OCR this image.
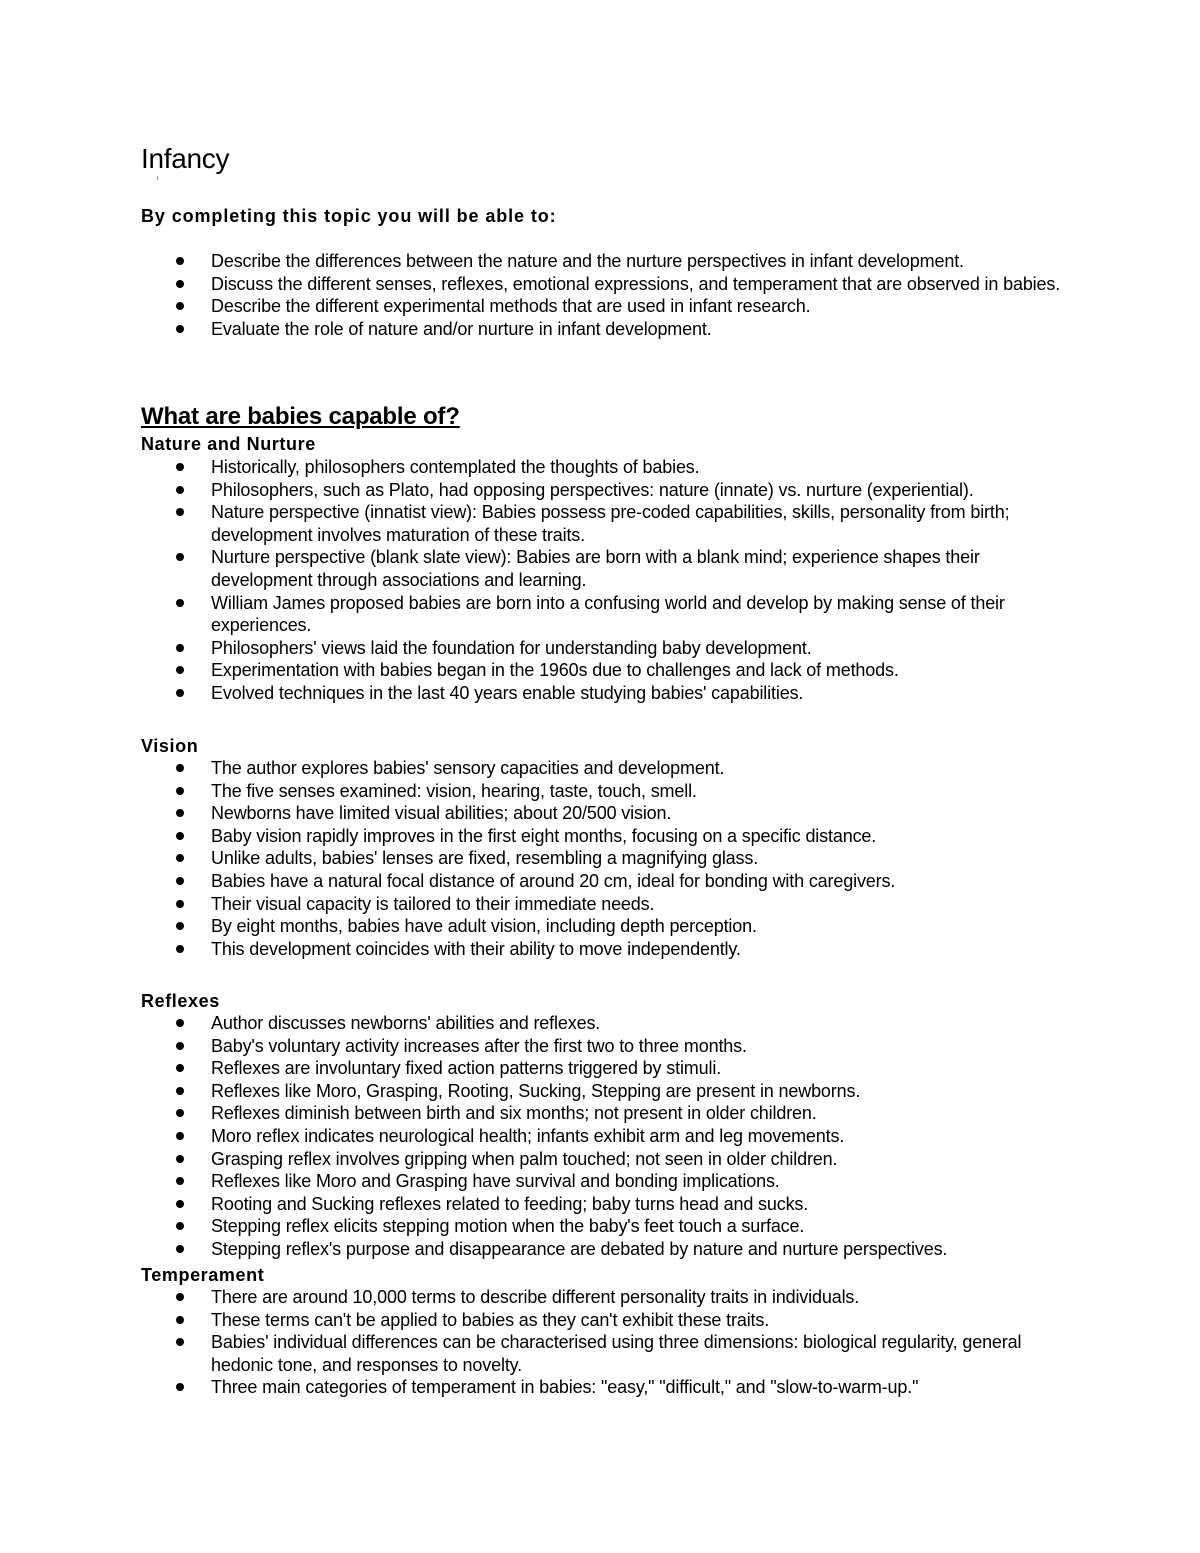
Infancy
By completing this topic you will be able to:
Describe the differences between the nature and the nurture perspectives in infant development.
Discuss the different senses, reflexes, emotional expressions, and temperament that are observed in babies.
Describe the different experimental methods that are used in infant research.
Evaluate the role of nature and/or nurture in infant development.
What are babies capable of?
Nature and Nurture
Historically, philosophers contemplated the thoughts of babies.
Philosophers, such as Plato, had opposing perspectives: nature (innate) vs. nurture (experiential).
Nature perspective (innatist view): Babies possess pre-coded capabilities, skills, personality from birth; development involves maturation of these traits.
Nurture perspective (blank slate view): Babies are born with a blank mind; experience shapes their development through associations and learning.
William James proposed babies are born into a confusing world and develop by making sense of their experiences.
Philosophers' views laid the foundation for understanding baby development.
Experimentation with babies began in the 1960s due to challenges and lack of methods.
Evolved techniques in the last 40 years enable studying babies' capabilities.
Vision
The author explores babies' sensory capacities and development.
The five senses examined: vision, hearing, taste, touch, smell.
Newborns have limited visual abilities; about 20/500 vision.
Baby vision rapidly improves in the first eight months, focusing on a specific distance.
Unlike adults, babies' lenses are fixed, resembling a magnifying glass.
Babies have a natural focal distance of around 20 cm, ideal for bonding with caregivers.
Their visual capacity is tailored to their immediate needs.
By eight months, babies have adult vision, including depth perception.
This development coincides with their ability to move independently.
Reflexes
Author discusses newborns' abilities and reflexes.
Baby's voluntary activity increases after the first two to three months.
Reflexes are involuntary fixed action patterns triggered by stimuli.
Reflexes like Moro, Grasping, Rooting, Sucking, Stepping are present in newborns.
Reflexes diminish between birth and six months; not present in older children.
Moro reflex indicates neurological health; infants exhibit arm and leg movements.
Grasping reflex involves gripping when palm touched; not seen in older children.
Reflexes like Moro and Grasping have survival and bonding implications.
Rooting and Sucking reflexes related to feeding; baby turns head and sucks.
Stepping reflex elicits stepping motion when the baby's feet touch a surface.
Stepping reflex's purpose and disappearance are debated by nature and nurture perspectives.
Temperament
There are around 10,000 terms to describe different personality traits in individuals.
These terms can't be applied to babies as they can't exhibit these traits.
Babies' individual differences can be characterised using three dimensions: biological regularity, general hedonic tone, and responses to novelty.
Three main categories of temperament in babies: "easy," "difficult," and "slow-to-warm-up."
